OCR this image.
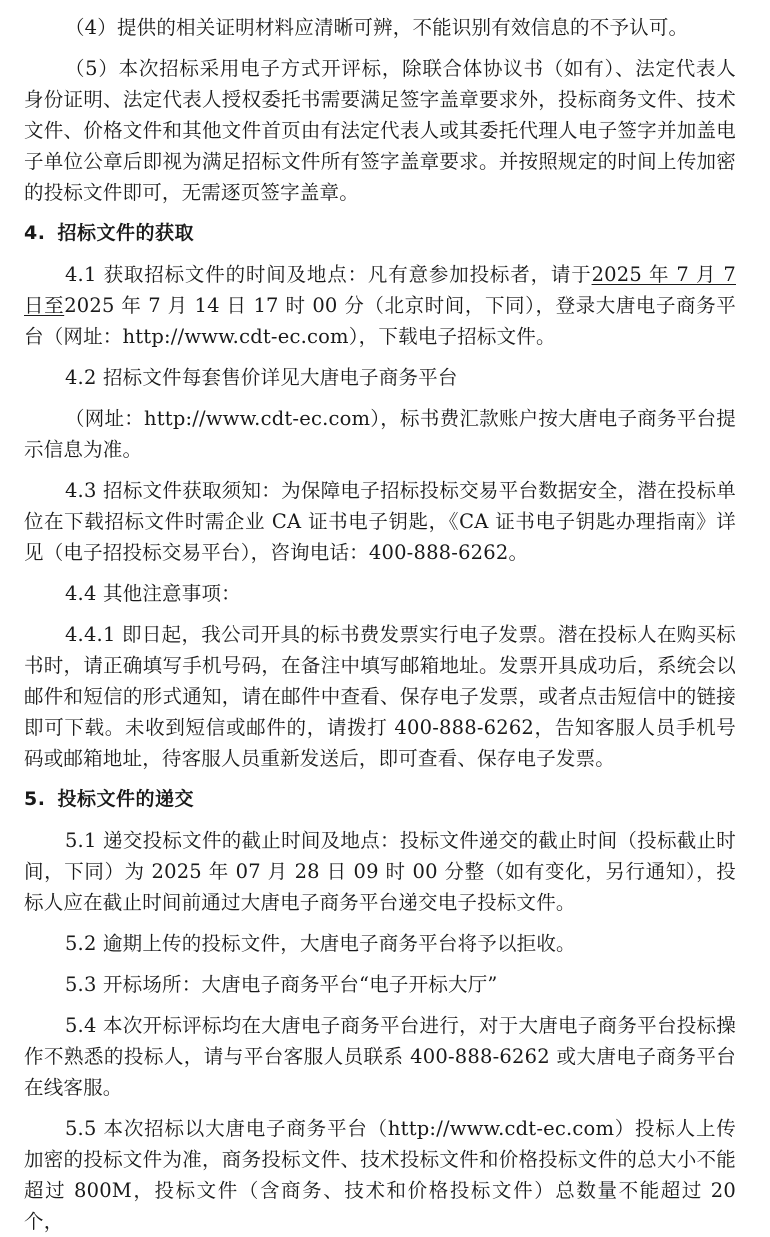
（4）提供的相关证明材料应清晰可辨，不能识别有效信息的不予认可。

（5）本次招标采用电子方式开评标，除联合体协议书（如有）、法定代表人身份证明、法定代表人授权委托书需要满足签字盖章要求外，投标商务文件、技术文件、价格文件和其他文件首页由有法定代表人或其委托代理人电子签字并加盖电子单位公章后即视为满足招标文件所有签字盖章要求。并按照规定的时间上传加密的投标文件即可，无需逐页签字盖章。

4. 招标文件的获取

4.1 获取招标文件的时间及地点：凡有意参加投标者，请于2025 年 7 月 7 日至2025 年 7 月 14 日 17 时 00 分（北京时间，下同），登录大唐电子商务平台（网址：http://www.cdt-ec.com），下载电子招标文件。

4.2 招标文件每套售价详见大唐电子商务平台

（网址：http://www.cdt-ec.com），标书费汇款账户按大唐电子商务平台提示信息为准。

4.3 招标文件获取须知：为保障电子招标投标交易平台数据安全，潜在投标单位在下载招标文件时需企业 CA 证书电子钥匙，《CA 证书电子钥匙办理指南》详见（电子招投标交易平台），咨询电话：400-888-6262。

4.4 其他注意事项：

4.4.1 即日起，我公司开具的标书费发票实行电子发票。潜在投标人在购买标书时，请正确填写手机号码，在备注中填写邮箱地址。发票开具成功后，系统会以邮件和短信的形式通知，请在邮件中查看、保存电子发票，或者点击短信中的链接即可下载。未收到短信或邮件的，请拨打 400-888-6262，告知客服人员手机号码或邮箱地址，待客服人员重新发送后，即可查看、保存电子发票。

5. 投标文件的递交

5.1 递交投标文件的截止时间及地点：投标文件递交的截止时间（投标截止时间，下同）为 2025 年 07 月 28 日 09 时 00 分整（如有变化，另行通知），投标人应在截止时间前通过大唐电子商务平台递交电子投标文件。

5.2 逾期上传的投标文件，大唐电子商务平台将予以拒收。

5.3 开标场所：大唐电子商务平台“电子开标大厅”

5.4 本次开标评标均在大唐电子商务平台进行，对于大唐电子商务平台投标操作不熟悉的投标人，请与平台客服人员联系 400-888-6262 或大唐电子商务平台在线客服。

5.5 本次招标以大唐电子商务平台（http://www.cdt-ec.com）投标人上传加密的投标文件为准，商务投标文件、技术投标文件和价格投标文件的总大小不能超过 800M，投标文件（含商务、技术和价格投标文件）总数量不能超过 20 个，
